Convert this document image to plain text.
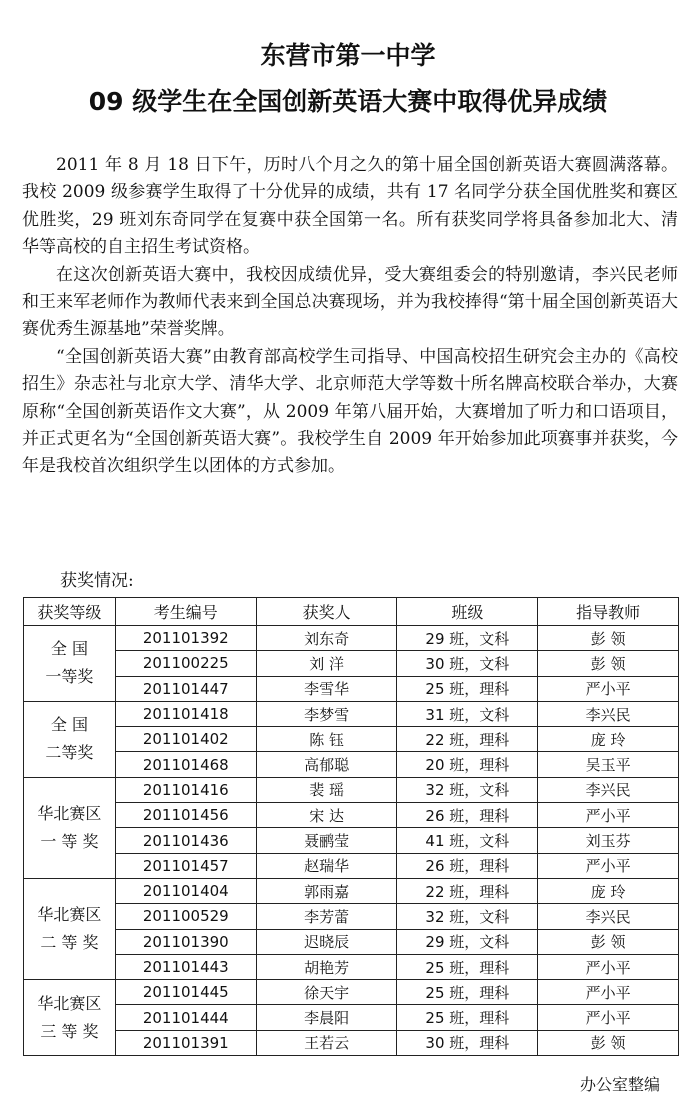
东营市第一中学
09 级学生在全国创新英语大赛中取得优异成绩

2011 年 8 月 18 日下午，历时八个月之久的第十届全国创新英语大赛圆满落幕。我校 2009 级参赛学生取得了十分优异的成绩，共有 17 名同学分获全国优胜奖和赛区优胜奖，29 班刘东奇同学在复赛中获全国第一名。所有获奖同学将具备参加北大、清华等高校的自主招生考试资格。

在这次创新英语大赛中，我校因成绩优异，受大赛组委会的特别邀请，李兴民老师和王来军老师作为教师代表来到全国总决赛现场，并为我校捧得“第十届全国创新英语大赛优秀生源基地”荣誉奖牌。

“全国创新英语大赛”由教育部高校学生司指导、中国高校招生研究会主办的《高校招生》杂志社与北京大学、清华大学、北京师范大学等数十所名牌高校联合举办，大赛原称“全国创新英语作文大赛”，从 2009 年第八届开始，大赛增加了听力和口语项目，并正式更名为“全国创新英语大赛”。我校学生自 2009 年开始参加此项赛事并获奖，今年是我校首次组织学生以团体的方式参加。

获奖情况:
获奖等级	考生编号	获奖人	班级	指导教师
全 国
一等奖	201101392	刘东奇	29 班，文科	彭 领
	201100225	刘 洋	30 班，文科	彭 领
	201101447	李雪华	25 班，理科	严小平
全 国
二等奖	201101418	李梦雪	31 班，文科	李兴民
	201101402	陈 钰	22 班，理科	庞 玲
	201101468	高郁聪	20 班，理科	吴玉平
华北赛区
一 等 奖	201101416	裴 瑶	32 班，文科	李兴民
	201101456	宋 达	26 班，理科	严小平
	201101436	聂鹂莹	41 班，文科	刘玉芬
	201101457	赵瑞华	26 班，理科	严小平
华北赛区
二 等 奖	201101404	郭雨嘉	22 班，理科	庞 玲
	201100529	李芳蕾	32 班，文科	李兴民
	201101390	迟晓辰	29 班，文科	彭 领
	201101443	胡艳芳	25 班，理科	严小平
华北赛区
三 等 奖	201101445	徐天宇	25 班，理科	严小平
	201101444	李晨阳	25 班，理科	严小平
	201101391	王若云	30 班，理科	彭 领
办公室整编
